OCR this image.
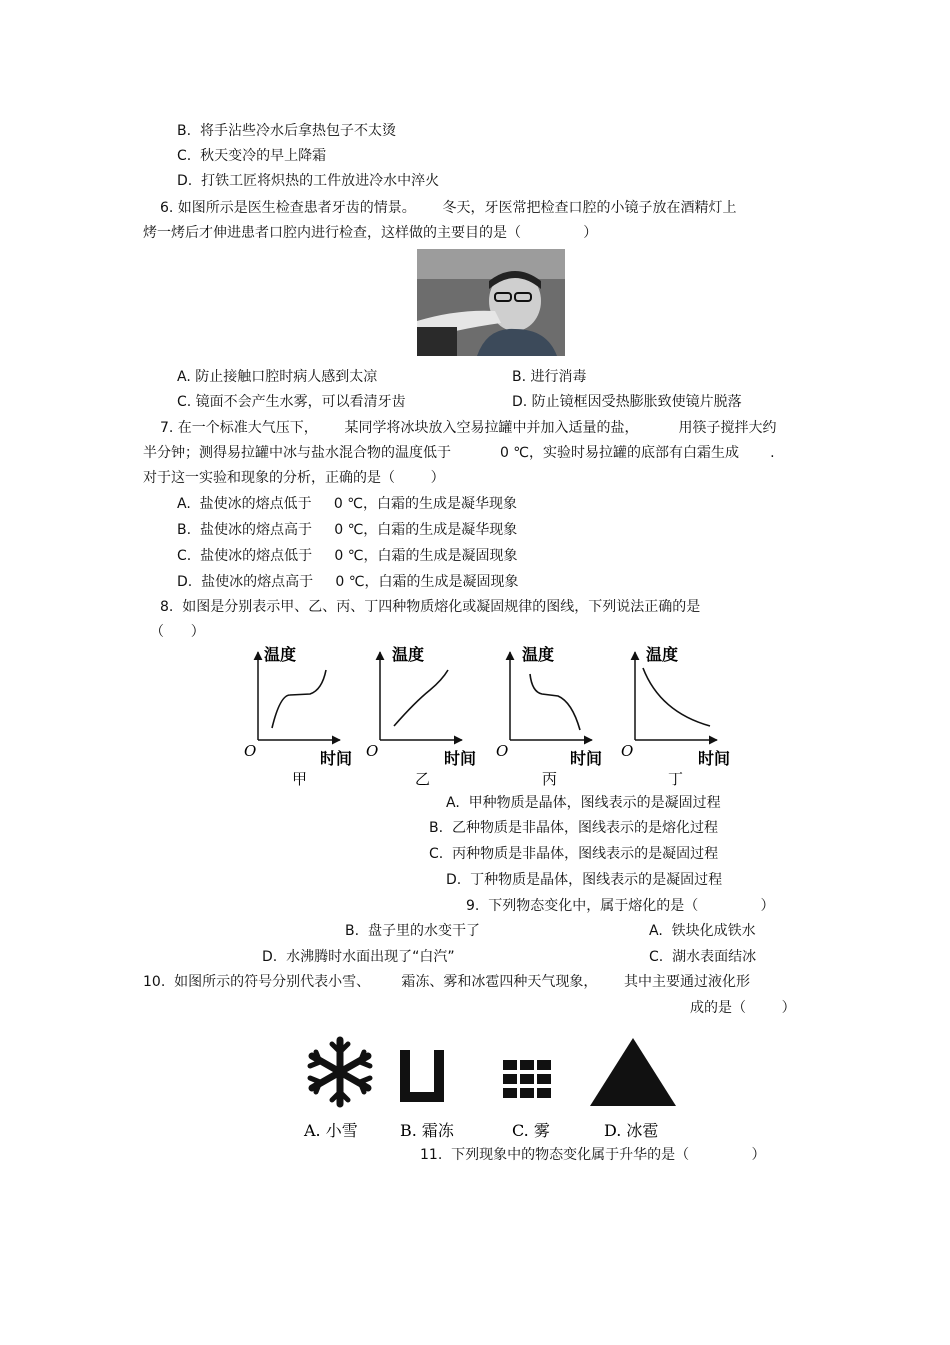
B.  将手沾些冷水后拿热包子不太烫
C.  秋天变冷的早上降霜
D.  打铁工匠将炽热的工件放进冷水中淬火
6. 如图所示是医生检查患者牙齿的情景。      冬天，牙医常把检查口腔的小镜子放在酒精灯上
烤一烤后才伸进患者口腔内进行检查，这样做的主要目的是（              ）
A. 防止接触口腔时病人感到太凉	B. 进行消毒
C. 镜面不会产生水雾，可以看清牙齿	D. 防止镜框因受热膨胀致使镜片脱落
7. 在一个标准大气压下，      某同学将冰块放入空易拉罐中并加入适量的盐，         用筷子搅拌大约
半分钟；测得易拉罐中冰与盐水混合物的温度低于           0 ℃，实验时易拉罐的底部有白霜生成       .
对于这一实验和现象的分析，正确的是（        ）
A.  盐使冰的熔点低于     0 ℃，白霜的生成是凝华现象
B.  盐使冰的熔点高于     0 ℃，白霜的生成是凝华现象
C.  盐使冰的熔点低于     0 ℃，白霜的生成是凝固现象
D.  盐使冰的熔点高于     0 ℃，白霜的生成是凝固现象
8.  如图是分别表示甲、乙、丙、丁四种物质熔化或凝固规律的图线，下列说法正确的是
（      ）
温度
时间
O
甲
温度
时间
O
乙
温度
时间
O
丙
温度
时间
O
丁
A.  甲种物质是晶体，图线表示的是凝固过程
B.  乙种物质是非晶体，图线表示的是熔化过程
C.  丙种物质是非晶体，图线表示的是凝固过程
D.  丁种物质是晶体，图线表示的是凝固过程
9.  下列物态变化中，属于熔化的是（              ）
B.  盘子里的水变干了	A.  铁块化成铁水
D.  水沸腾时水面出现了“白汽”	C.  湖水表面结冰
10.  如图所示的符号分别代表小雪、       霜冻、雾和冰雹四种天气现象，      其中主要通过液化形
成的是（        ）
A. 小雪	B. 霜冻	C. 雾	D. 冰雹
11.  下列现象中的物态变化属于升华的是（              ）
